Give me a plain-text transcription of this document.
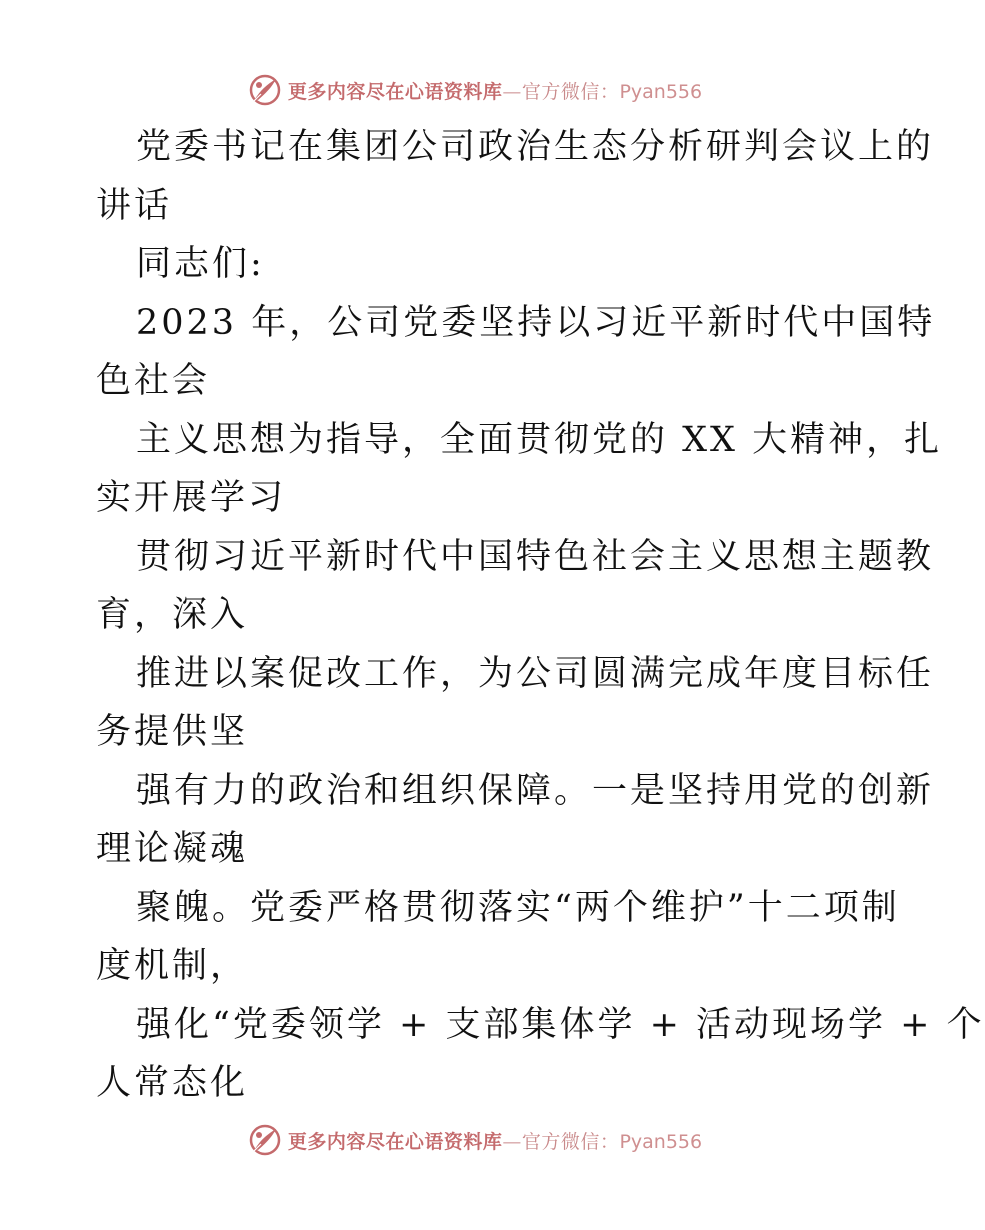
更多内容尽在心语资料库—官方微信：Pyan556
党委书记在集团公司政治生态分析研判会议上的
讲话
同志们:
2023 年，公司党委坚持以习近平新时代中国特
色社会
主义思想为指导，全面贯彻党的 XX 大精神，扎
实开展学习
贯彻习近平新时代中国特色社会主义思想主题教
育，深入
推进以案促改工作，为公司圆满完成年度目标任
务提供坚
强有力的政治和组织保障。一是坚持用党的创新
理论凝魂
聚魄。党委严格贯彻落实“两个维护”十二项制
度机制，
强化“党委领学 + 支部集体学 + 活动现场学 + 个
人常态化
更多内容尽在心语资料库—官方微信：Pyan556
